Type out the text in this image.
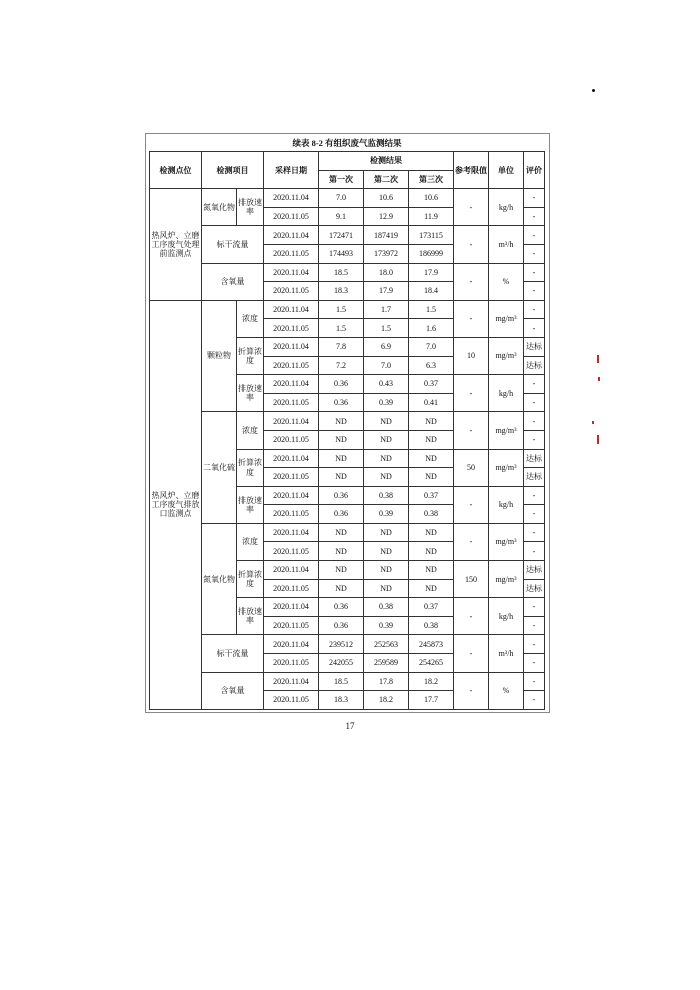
续表 8-2 有组织废气监测结果									
检测点位	检测项目		采样日期	检测结果			参考限值	单位	评价
				第一次	第二次	第三次			
热风炉、立磨工序废气处理前监测点	氮氧化物	排放速率	2020.11.04	7.0	10.6	10.6	-	kg/h	-
			2020.11.05	9.1	12.9	11.9			-
	标干流量		2020.11.04	172471	187419	173115	-	m³/h	-
			2020.11.05	174493	173972	186999			-
	含氧量		2020.11.04	18.5	18.0	17.9	-	%	-
			2020.11.05	18.3	17.9	18.4			-
热风炉、立磨工序废气排放口监测点	颗粒物	浓度	2020.11.04	1.5	1.7	1.5	-	mg/m³	-
			2020.11.05	1.5	1.5	1.6			-
		折算浓度	2020.11.04	7.8	6.9	7.0	10	mg/m³	达标
			2020.11.05	7.2	7.0	6.3			达标
		排放速率	2020.11.04	0.36	0.43	0.37	-	kg/h	-
			2020.11.05	0.36	0.39	0.41			-
	二氧化硫	浓度	2020.11.04	ND	ND	ND	-	mg/m³	-
			2020.11.05	ND	ND	ND			-
		折算浓度	2020.11.04	ND	ND	ND	50	mg/m³	达标
			2020.11.05	ND	ND	ND			达标
		排放速率	2020.11.04	0.36	0.38	0.37	-	kg/h	-
			2020.11.05	0.36	0.39	0.38			-
	氮氧化物	浓度	2020.11.04	ND	ND	ND	-	mg/m³	-
			2020.11.05	ND	ND	ND			-
		折算浓度	2020.11.04	ND	ND	ND	150	mg/m³	达标
			2020.11.05	ND	ND	ND			达标
		排放速率	2020.11.04	0.36	0.38	0.37	-	kg/h	-
			2020.11.05	0.36	0.39	0.38			-
	标干流量		2020.11.04	239512	252563	245873	-	m³/h	-
			2020.11.05	242055	259589	254265			-
	含氧量		2020.11.04	18.5	17.8	18.2	-	%	-
			2020.11.05	18.3	18.2	17.7			-
17
